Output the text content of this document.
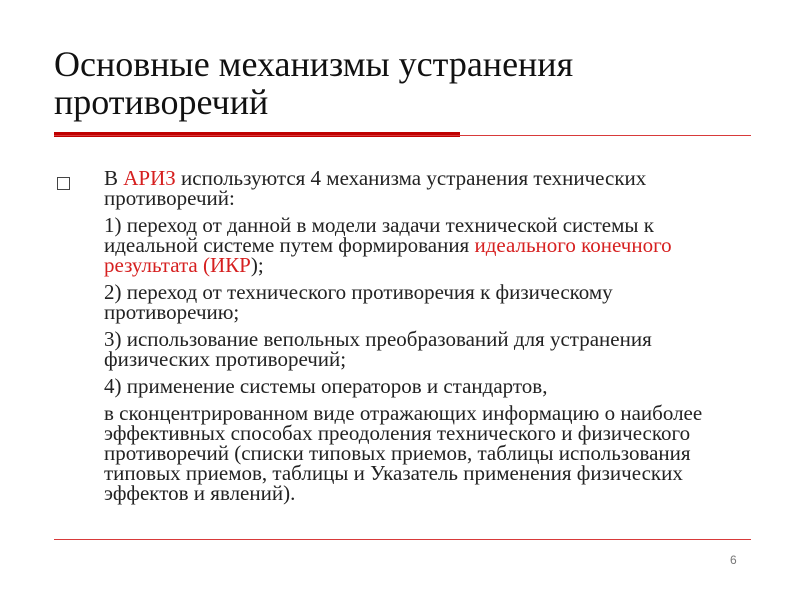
Основные механизмы устранения противоречий

В АРИЗ используются 4 механизма устранения технических противоречий:

1) переход от данной в модели задачи технической системы к идеальной системе путем формирования идеального конечного результата (ИКР);

2) переход от технического противоречия к физическому противоречию;

3) использование вепольных преобразований для устранения физических противоречий;

4) применение системы операторов и стандартов,

в сконцентрированном виде отражающих информацию о наиболее эффективных способах преодоления технического и физического противоречий (списки типовых приемов, таблицы использования типовых приемов, таблицы и Указатель применения физических эффектов и явлений).

6
